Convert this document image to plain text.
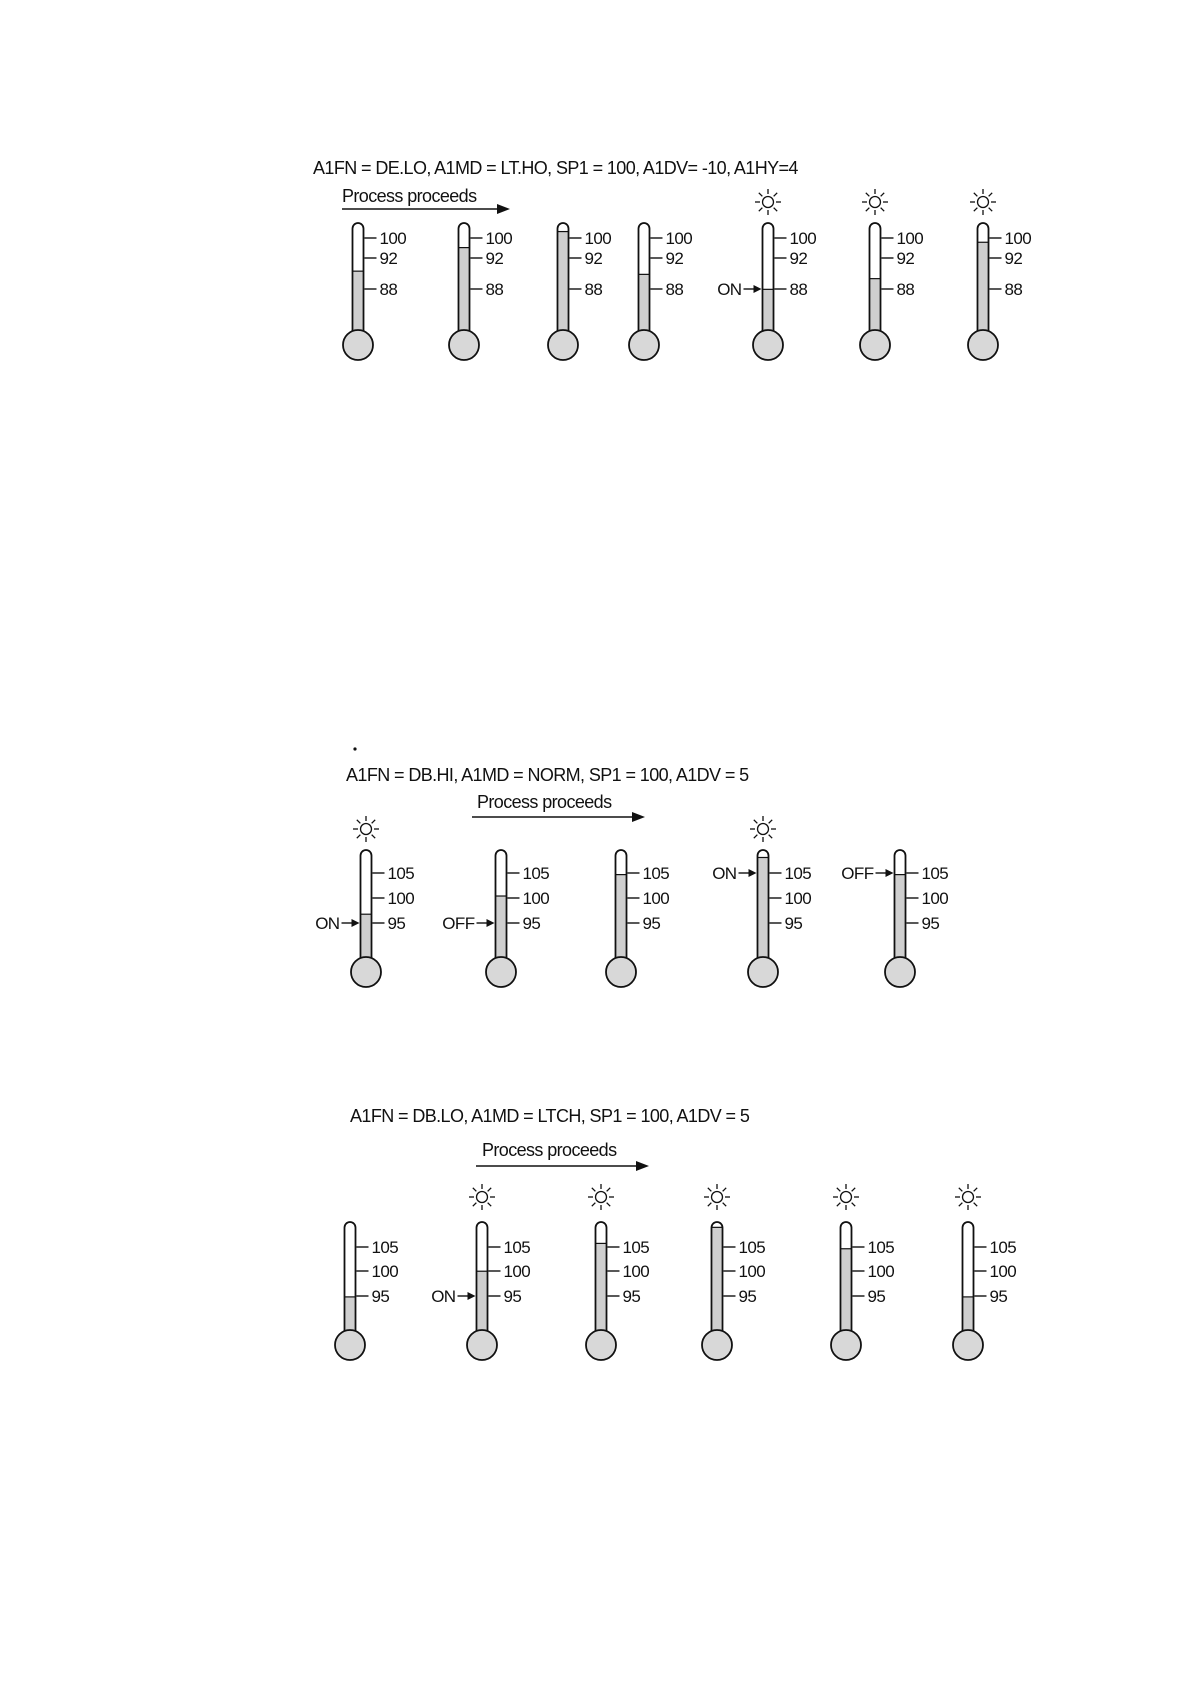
A1FN = DE.LO, A1MD = LT.HO, SP1 = 100, A1DV= -10, A1HY=4
Process proceeds
100
92
88
100
92
88
100
92
88
100
92
88
100
92
88
ON
100
92
88
100
92
88
A1FN = DB.HI, A1MD = NORM, SP1 = 100, A1DV = 5
Process proceeds
105
100
95
ON
105
100
95
OFF
105
100
95
105
100
95
ON	105
100
95
OFF
A1FN = DB.LO, A1MD = LTCH, SP1 = 100, A1DV = 5
Process proceeds
105
100
95
105
100
95
ON
105
100
95
105
100
95
105
100
95
105
100
95
